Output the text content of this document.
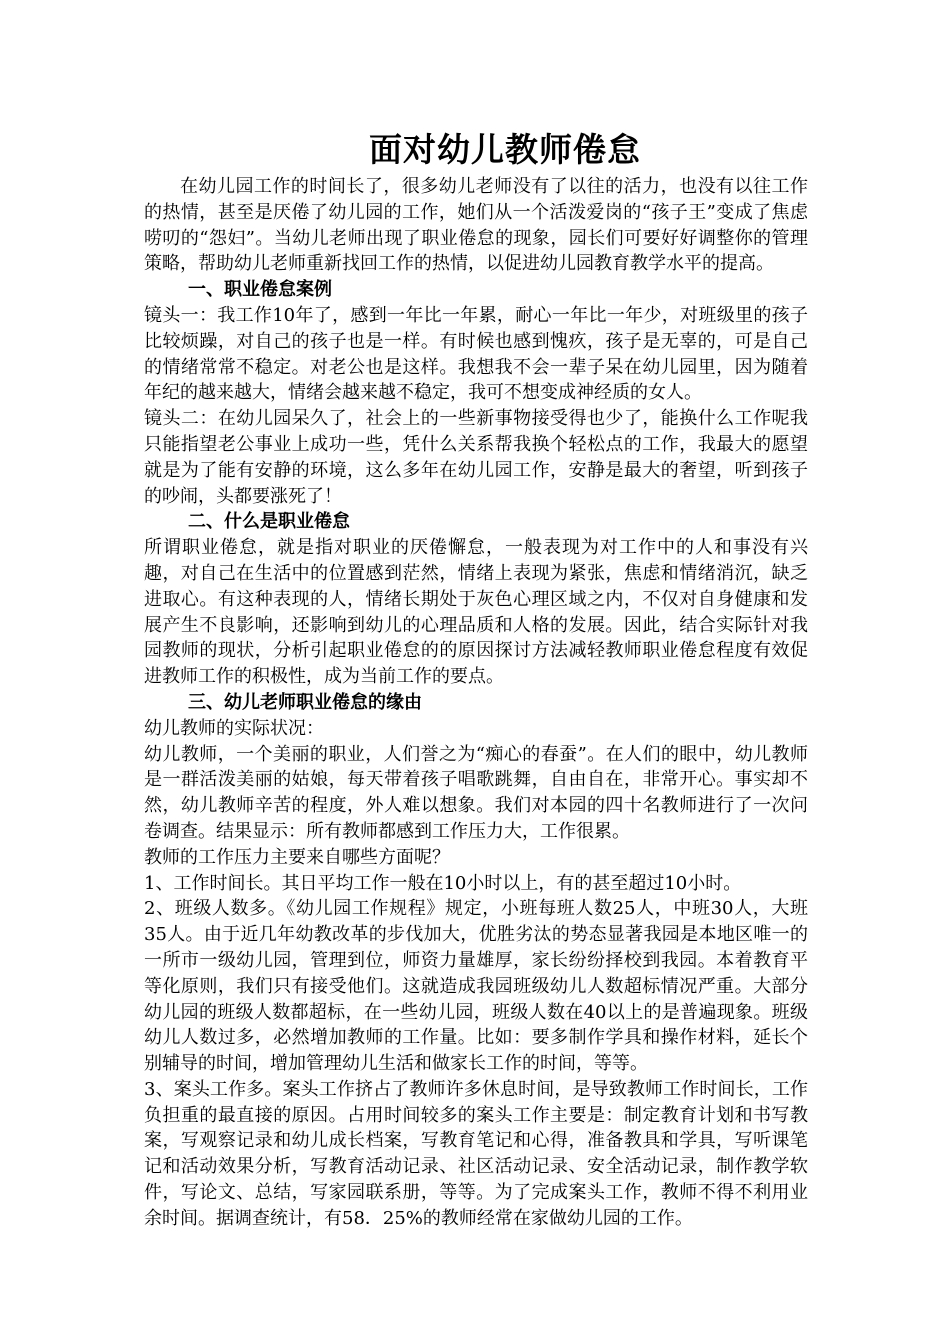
面对幼儿教师倦怠

在幼儿园工作的时间长了，很多幼儿老师没有了以往的活力，也没有以往工作的热情，甚至是厌倦了幼儿园的工作，她们从一个活泼爱岗的“孩子王”变成了焦虑唠叨的“怨妇”。当幼儿老师出现了职业倦怠的现象，园长们可要好好调整你的管理策略，帮助幼儿老师重新找回工作的热情，以促进幼儿园教育教学水平的提高。

一、职业倦怠案例

镜头一：我工作10年了，感到一年比一年累，耐心一年比一年少，对班级里的孩子比较烦躁，对自己的孩子也是一样。有时候也感到愧疚，孩子是无辜的，可是自己的情绪常常不稳定。对老公也是这样。我想我不会一辈子呆在幼儿园里，因为随着年纪的越来越大，情绪会越来越不稳定，我可不想变成神经质的女人。

镜头二：在幼儿园呆久了，社会上的一些新事物接受得也少了，能换什么工作呢我只能指望老公事业上成功一些，凭什么关系帮我换个轻松点的工作，我最大的愿望就是为了能有安静的环境，这么多年在幼儿园工作，安静是最大的奢望，听到孩子的吵闹，头都要涨死了！

二、什么是职业倦怠

所谓职业倦怠，就是指对职业的厌倦懈怠，一般表现为对工作中的人和事没有兴趣，对自己在生活中的位置感到茫然，情绪上表现为紧张，焦虑和情绪消沉，缺乏进取心。有这种表现的人，情绪长期处于灰色心理区域之内，不仅对自身健康和发展产生不良影响，还影响到幼儿的心理品质和人格的发展。因此，结合实际针对我园教师的现状，分析引起职业倦怠的的原因探讨方法减轻教师职业倦怠程度有效促进教师工作的积极性，成为当前工作的要点。

三、幼儿老师职业倦怠的缘由

幼儿教师的实际状况：

幼儿教师，一个美丽的职业，人们誉之为“痴心的春蚕”。在人们的眼中，幼儿教师是一群活泼美丽的姑娘，每天带着孩子唱歌跳舞，自由自在，非常开心。事实却不然，幼儿教师辛苦的程度，外人难以想象。我们对本园的四十名教师进行了一次问卷调查。结果显示：所有教师都感到工作压力大，工作很累。

教师的工作压力主要来自哪些方面呢？

1、工作时间长。其日平均工作一般在10小时以上，有的甚至超过10小时。

2、班级人数多。《幼儿园工作规程》规定，小班每班人数25人，中班30人，大班35人。由于近几年幼教改革的步伐加大，优胜劣汰的势态显著我园是本地区唯一的一所市一级幼儿园，管理到位，师资力量雄厚，家长纷纷择校到我园。本着教育平等化原则，我们只有接受他们。这就造成我园班级幼儿人数超标情况严重。大部分幼儿园的班级人数都超标，在一些幼儿园，班级人数在40以上的是普遍现象。班级幼儿人数过多，必然增加教师的工作量。比如：要多制作学具和操作材料，延长个别辅导的时间，增加管理幼儿生活和做家长工作的时间，等等。

3、案头工作多。案头工作挤占了教师许多休息时间，是导致教师工作时间长，工作负担重的最直接的原因。占用时间较多的案头工作主要是：制定教育计划和书写教案，写观察记录和幼儿成长档案，写教育笔记和心得，准备教具和学具，写听课笔记和活动效果分析，写教育活动记录、社区活动记录、安全活动记录，制作教学软件，写论文、总结，写家园联系册，等等。为了完成案头工作，教师不得不利用业余时间。据调查统计，有58．25%的教师经常在家做幼儿园的工作。
